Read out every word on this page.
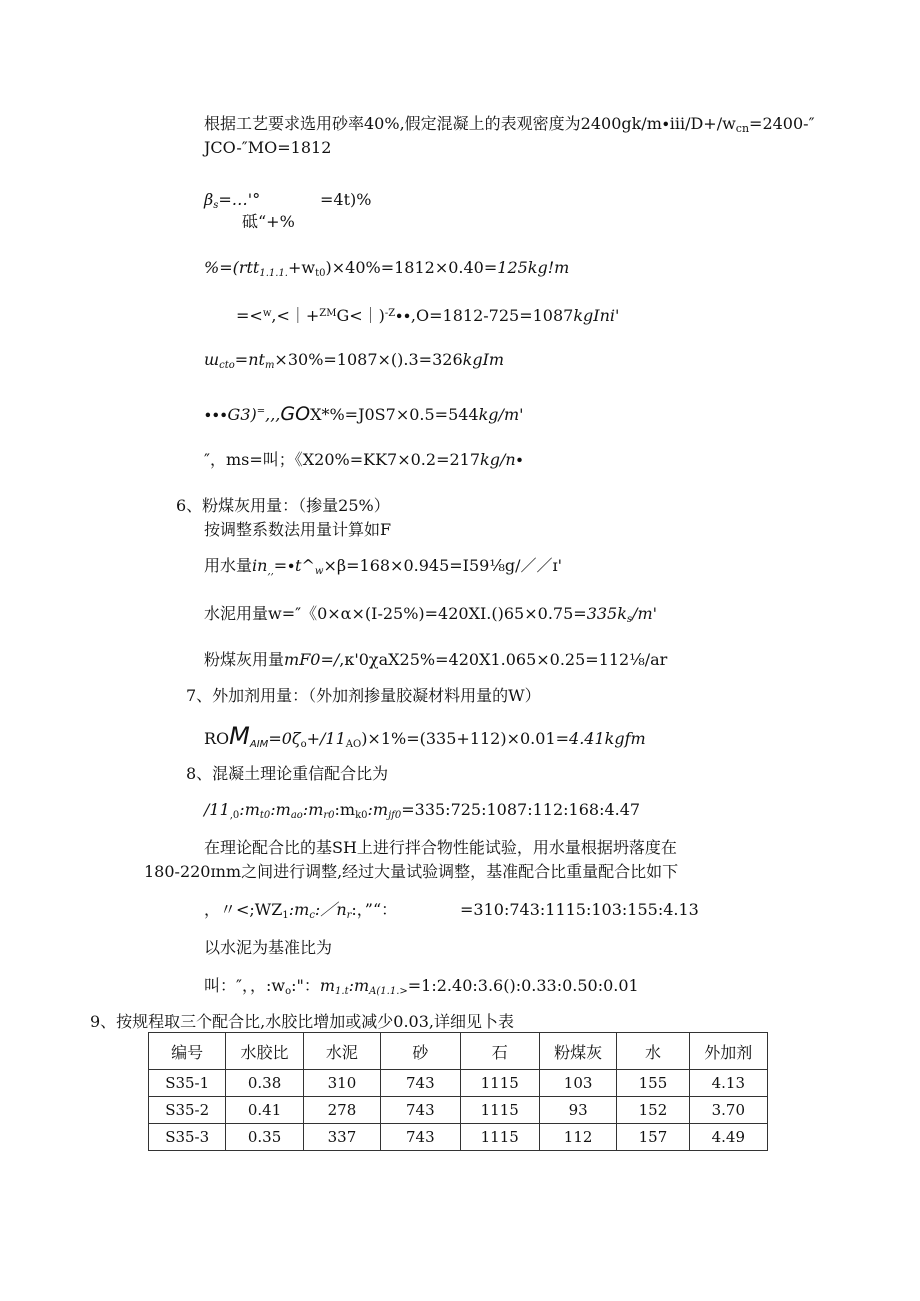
根据工艺要求选用砂率40%,假定混凝上的表观密度为2400gk/m∙ⅲ/D+/wcn=2400-″
JCO-″MO=1812
βs=…'°	=4t)%
砥“+%
%=(rtt1.1.1.+wt0)×40%=1812×0.40=125kg!m
=<$^w$,<｜+$^{ZM}$G<｜)$^{-Z}$∙∙,O=1812-725=1087kgIni'
шcto=ntm×30%=1087×().3=326kgIm
∙∙∙G3)=,,,GOX*%=J0S7×0.5=544kg/m'
″，ms=叫；《X20%=KK7×0.2=217kg/n∙
6、粉煤灰用量：（掺量25%）
按调整系数法用量计算如F
用水量in,,=∙t^w×β=168×0.945=I59⅛g/／／ɪ'
水泥用量w=″《0×α×(I-25%)=420XI.()65×0.75=335ks/m'
粉煤灰用量mF0=/,κ'0χaX25%=420X1.065×0.25=112⅛/ar
7、外加剂用量：（外加剂掺量胶凝材料用量的W）
ROMAIM=0ζo+/11AO)×1%=(335+112)×0.01=4.41kgfm
8、混凝土理论重信配合比为
/11,0:mt0:mao:mr0:mk0:mjf0=335:725:1087:112:168:4.47
在理论配合比的基SH上进行拌合物性能试验，用水量根据坍落度在
180-220ɪnm之间进行调整,经过大量试验调整，基准配合比重量配合比如下
，〃<;WZ1:mc:／nr:，”“：	=310:743:1115:103:155:4.13
以水泥为基准比为
叫：″，，:wo:"：m1.t:mA(1.1.>=1:2.40:3.6():0.33:0.50:0.01
9、按规程取三个配合比,水胶比增加或减少0.03,详细见卜表
编号	水胶比	水泥	砂	石	粉煤灰	水	外加剂
S35-1	0.38	310	743	1115	103	155	4.13
S35-2	0.41	278	743	1115	93	152	3.70
S35-3	0.35	337	743	1115	112	157	4.49
